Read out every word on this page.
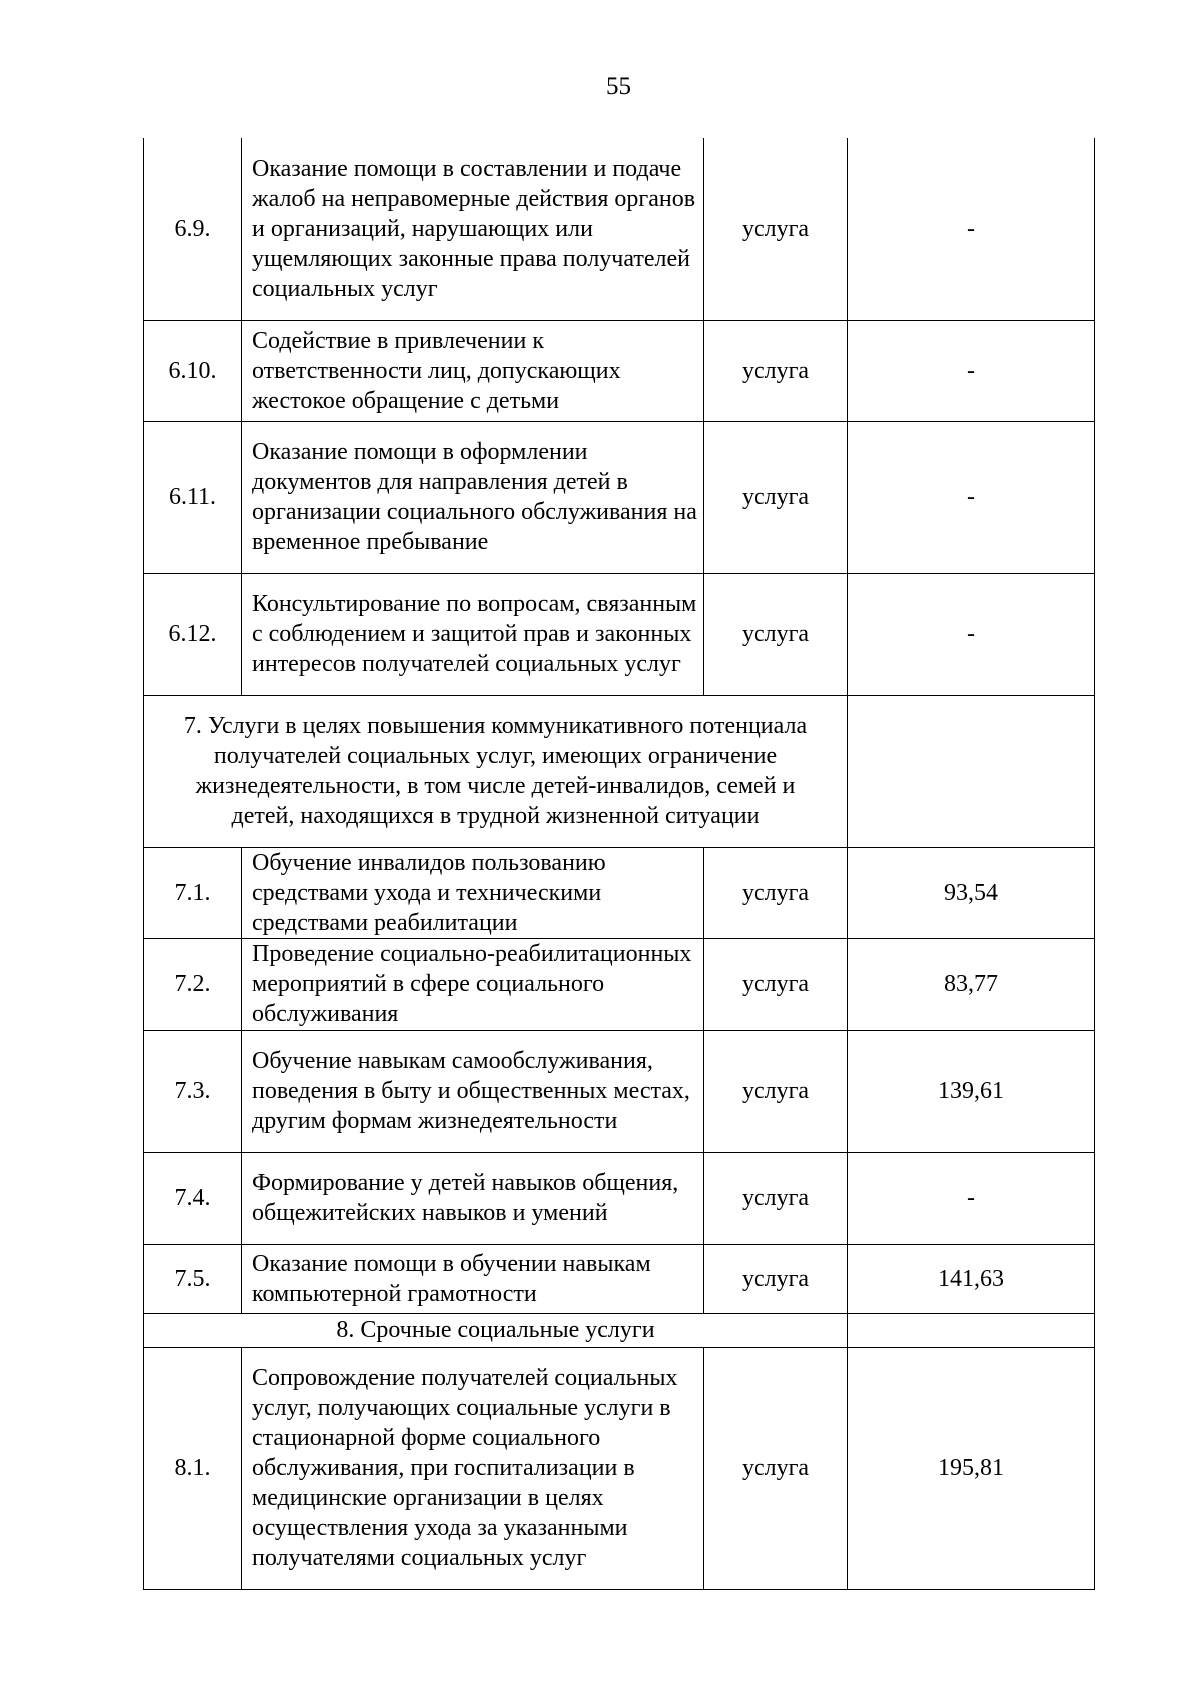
55
6.9.	Оказание помощи в составлении и подаче жалоб на неправомерные действия органов и организаций, нарушающих или ущемляющих законные права получателей социальных услуг	услуга	-
6.10.	Содействие в привлечении к ответственности лиц, допускающих жестокое обращение с детьми	услуга	-
6.11.	Оказание помощи в оформлении документов для направления детей в организации социального обслуживания на временное пребывание	услуга	-
6.12.	Консультирование по вопросам, связанным с соблюдением и защитой прав и законных интересов получателей социальных услуг	услуга	-
7. Услуги в целях повышения коммуникативного потенциала получателей социальных услуг, имеющих ограничение жизнедеятельности, в том числе детей-инвалидов, семей и детей, находящихся в трудной жизненной ситуации			
7.1.	Обучение инвалидов пользованию средствами ухода и техническими средствами реабилитации	услуга	93,54
7.2.	Проведение социально-реабилитационных мероприятий в сфере социального обслуживания	услуга	83,77
7.3.	Обучение навыкам самообслуживания, поведения в быту и общественных местах, другим формам жизнедеятельности	услуга	139,61
7.4.	Формирование у детей навыков общения, общежитейских навыков и умений	услуга	-
7.5.	Оказание помощи в обучении навыкам компьютерной грамотности	услуга	141,63
8. Срочные социальные услуги			
8.1.	Сопровождение получателей социальных услуг, получающих социальные услуги в стационарной форме социального обслуживания, при госпитализации в медицинские организации в целях осуществления ухода за указанными получателями социальных услуг	услуга	195,81
